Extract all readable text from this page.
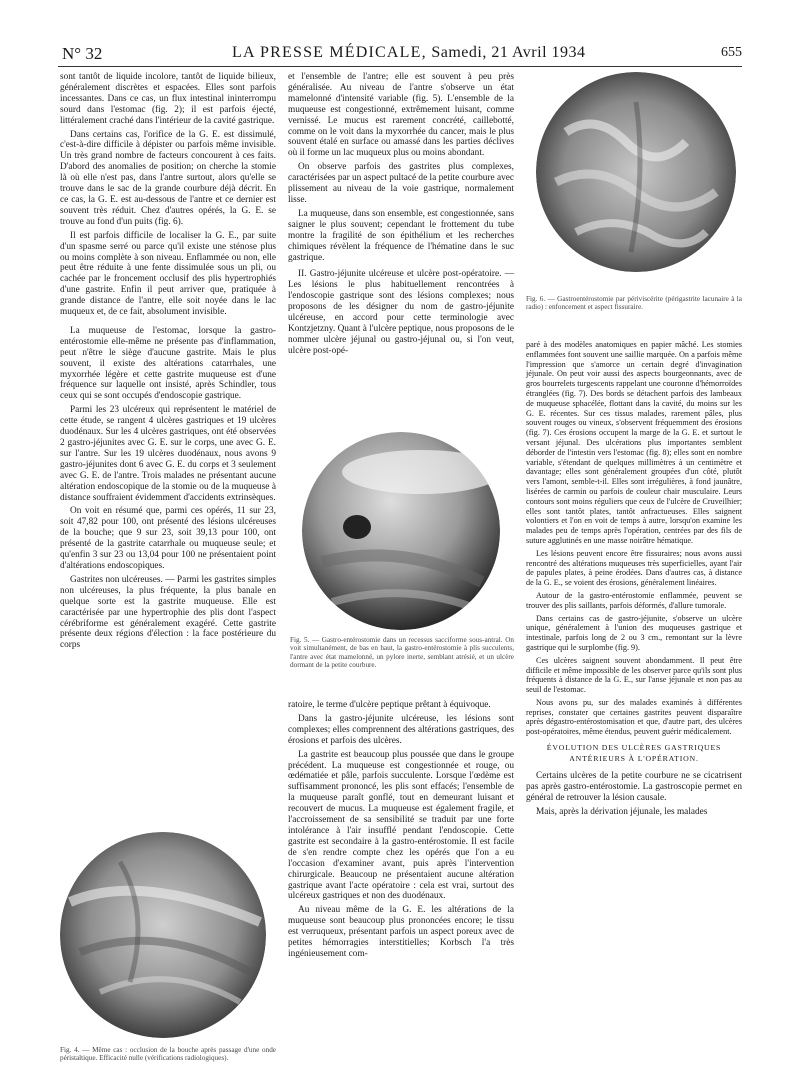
N° 32	LA PRESSE MÉDICALE, Samedi, 21 Avril 1934	655

sont tantôt de liquide incolore, tantôt de liquide bilieux, généralement discrètes et espacées. Elles sont parfois incessantes. Dans ce cas, un flux intestinal ininterrompu sourd dans l'estomac (fig. 2); il est parfois éjecté, littéralement craché dans l'intérieur de la cavité gastrique.

Dans certains cas, l'orifice de la G. E. est dissimulé, c'est-à-dire difficile à dépister ou parfois même invisible. Un très grand nombre de facteurs concourent à ces faits. D'abord des anomalies de position; on cherche la stomie là où elle n'est pas, dans l'antre surtout, alors qu'elle se trouve dans le sac de la grande courbure déjà décrit. En ce cas, la G. E. est au-dessous de l'antre et ce dernier est souvent très réduit. Chez d'autres opérés, la G. E. se trouve au fond d'un puits (fig. 6).

Il est parfois difficile de localiser la G. E., par suite d'un spasme serré ou parce qu'il existe une sténose plus ou moins complète à son niveau. Enflammée ou non, elle peut être réduite à une fente dissimulée sous un pli, ou cachée par le froncement occlusif des plis hypertrophiés d'une gastrite. Enfin il peut arriver que, pratiquée à grande distance de l'antre, elle soit noyée dans le lac muqueux et, de ce fait, absolument invisible.

La muqueuse de l'estomac, lorsque la gastro-entérostomie elle-même ne présente pas d'inflammation, peut n'être le siège d'aucune gastrite. Mais le plus souvent, il existe des altérations catarrhales, une myxorrhée légère et cette gastrite muqueuse est d'une fréquence sur laquelle ont insisté, après Schindler, tous ceux qui se sont occupés d'endoscopie gastrique.

Parmi les 23 ulcéreux qui représentent le matériel de cette étude, se rangent 4 ulcères gastriques et 19 ulcères duodénaux. Sur les 4 ulcères gastriques, ont été observées 2 gastro-jéjunites avec G. E. sur le corps, une avec G. E. sur l'antre. Sur les 19 ulcères duodénaux, nous avons 9 gastro-jéjunites dont 6 avec G. E. du corps et 3 seulement avec G. E. de l'antre. Trois malades ne présentant aucune altération endoscopique de la stomie ou de la muqueuse à distance souffraient évidemment d'accidents extrinsèques.

On voit en résumé que, parmi ces opérés, 11 sur 23, soit 47,82 pour 100, ont présenté des lésions ulcéreuses de la bouche; que 9 sur 23, soit 39,13 pour 100, ont présenté de la gastrite catarrhale ou muqueuse seule; et qu'enfin 3 sur 23 ou 13,04 pour 100 ne présentaient point d'altérations endoscopiques.

Gastrites non ulcéreuses. — Parmi les gastrites simples non ulcéreuses, la plus fréquente, la plus banale en quelque sorte est la gastrite muqueuse. Elle est caractérisée par une hypertrophie des plis dont l'aspect cérébriforme est généralement exagéré. Cette gastrite présente deux régions d'élection : la face postérieure du corps

Fig. 4. — Même cas : occlusion de la bouche après passage d'une onde péristaltique. Efficacité nulle (vérifications radiologiques).

et l'ensemble de l'antre; elle est souvent à peu près généralisée. Au niveau de l'antre s'observe un état mamelonné d'intensité variable (fig. 5). L'ensemble de la muqueuse est congestionné, extrêmement luisant, comme vernissé. Le mucus est rarement concrété, caillebotté, comme on le voit dans la myxorrhée du cancer, mais le plus souvent étalé en surface ou amassé dans les parties déclives où il forme un lac muqueux plus ou moins abondant.

On observe parfois des gastrites plus complexes, caractérisées par un aspect pultacé de la petite courbure avec plissement au niveau de la voie gastrique, normalement lisse.

La muqueuse, dans son ensemble, est congestionnée, sans saigner le plus souvent; cependant le frottement du tube montre la fragilité de son épithélium et les recherches chimiques révèlent la fréquence de l'hématine dans le suc gastrique.

II. Gastro-jéjunite ulcéreuse et ulcère post-opératoire. — Les lésions le plus habituellement rencontrées à l'endoscopie gastrique sont des lésions complexes; nous proposons de les désigner du nom de gastro-jéjunite ulcéreuse, en accord pour cette terminologie avec Kontzjetzny. Quant à l'ulcère peptique, nous proposons de le nommer ulcère jéjunal ou gastro-jéjunal ou, si l'on veut, ulcère post-opé-

Fig. 5. — Gastro-entérostomie dans un recessus sacciforme sous-antral. On voit simultanément, de bas en haut, la gastro-entérostomie à plis succulents, l'antre avec état mamelonné, un pylore inerte, semblant atrésié, et un ulcère dormant de la petite courbure.

ratoire, le terme d'ulcère peptique prêtant à équivoque.

Dans la gastro-jéjunite ulcéreuse, les lésions sont complexes; elles comprennent des altérations gastriques, des érosions et parfois des ulcères.

La gastrite est beaucoup plus poussée que dans le groupe précédent. La muqueuse est congestionnée et rouge, ou œdématiée et pâle, parfois succulente. Lorsque l'œdème est suffisamment prononcé, les plis sont effacés; l'ensemble de la muqueuse paraît gonflé, tout en demeurant luisant et recouvert de mucus. La muqueuse est également fragile, et l'accroissement de sa sensibilité se traduit par une forte intolérance à l'air insufflé pendant l'endoscopie. Cette gastrite est secondaire à la gastro-entérostomie. Il est facile de s'en rendre compte chez les opérés que l'on a eu l'occasion d'examiner avant, puis après l'intervention chirurgicale. Beaucoup ne présentaient aucune altération gastrique avant l'acte opératoire : cela est vrai, surtout des ulcéreux gastriques et non des duodénaux.

Au niveau même de la G. E. les altérations de la muqueuse sont beaucoup plus prononcées encore; le tissu est verruqueux, présentant parfois un aspect poreux avec de petites hémorragies interstitielles; Korbsch l'a très ingénieusement com-

Fig. 6. — Gastroentérostomie par périviscérite (périgastrite lacunaire à la radio) : enfoncement et aspect fissuraire.

paré à des modèles anatomiques en papier mâché. Les stomies enflammées font souvent une saillie marquée. On a parfois même l'impression que s'amorce un certain degré d'invagination jéjunale. On peut voir aussi des aspects bourgeonnants, avec de gros bourrelets turgescents rappelant une couronne d'hémorroïdes étranglées (fig. 7). Des bords se détachent parfois des lambeaux de muqueuse sphacélée, flottant dans la cavité, du moins sur les G. E. récentes. Sur ces tissus malades, rarement pâles, plus souvent rouges ou vineux, s'observent fréquemment des érosions (fig. 7). Ces érosions occupent la marge de la G. E. et surtout le versant jéjunal. Des ulcérations plus importantes semblent déborder de l'intestin vers l'estomac (fig. 8); elles sont en nombre variable, s'étendant de quelques millimètres à un centimètre et davantage; elles sont généralement groupées d'un côté, plutôt vers l'amont, semble-t-il. Elles sont irrégulières, à fond jaunâtre, lisérées de carmin ou parfois de couleur chair musculaire. Leurs contours sont moins réguliers que ceux de l'ulcère de Cruveilhier; elles sont tantôt plates, tantôt anfractueuses. Elles saignent volontiers et l'on en voit de temps à autre, lorsqu'on examine les malades peu de temps après l'opération, centrées par des fils de suture agglutinés en une masse noirâtre hématique.

Les lésions peuvent encore être fissuraires; nous avons aussi rencontré des altérations muqueuses très superficielles, ayant l'air de papules plates, à peine érodées. Dans d'autres cas, à distance de la G. E., se voient des érosions, généralement linéaires.

Autour de la gastro-entérostomie enflammée, peuvent se trouver des plis saillants, parfois déformés, d'allure tumorale.

Dans certains cas de gastro-jéjunite, s'observe un ulcère unique, généralement à l'union des muqueuses gastrique et intestinale, parfois long de 2 ou 3 cm., remontant sur la lèvre gastrique qui le surplombe (fig. 9).

Ces ulcères saignent souvent abondamment. Il peut être difficile et même impossible de les observer parce qu'ils sont plus fréquents à distance de la G. E., sur l'anse jéjunale et non pas au seuil de l'estomac.

Nous avons pu, sur des malades examinés à différentes reprises, constater que certaines gastrites peuvent disparaître après dégastro-entérostomisation et que, d'autre part, des ulcères post-opératoires, même étendus, peuvent guérir médicalement.

ÉVOLUTION DES ULCÈRES GASTRIQUES ANTÉRIEURS À L'OPÉRATION.

Certains ulcères de la petite courbure ne se cicatrisent pas après gastro-entérostomie. La gastroscopie permet en général de retrouver la lésion causale.

Mais, après la dérivation jéjunale, les malades
